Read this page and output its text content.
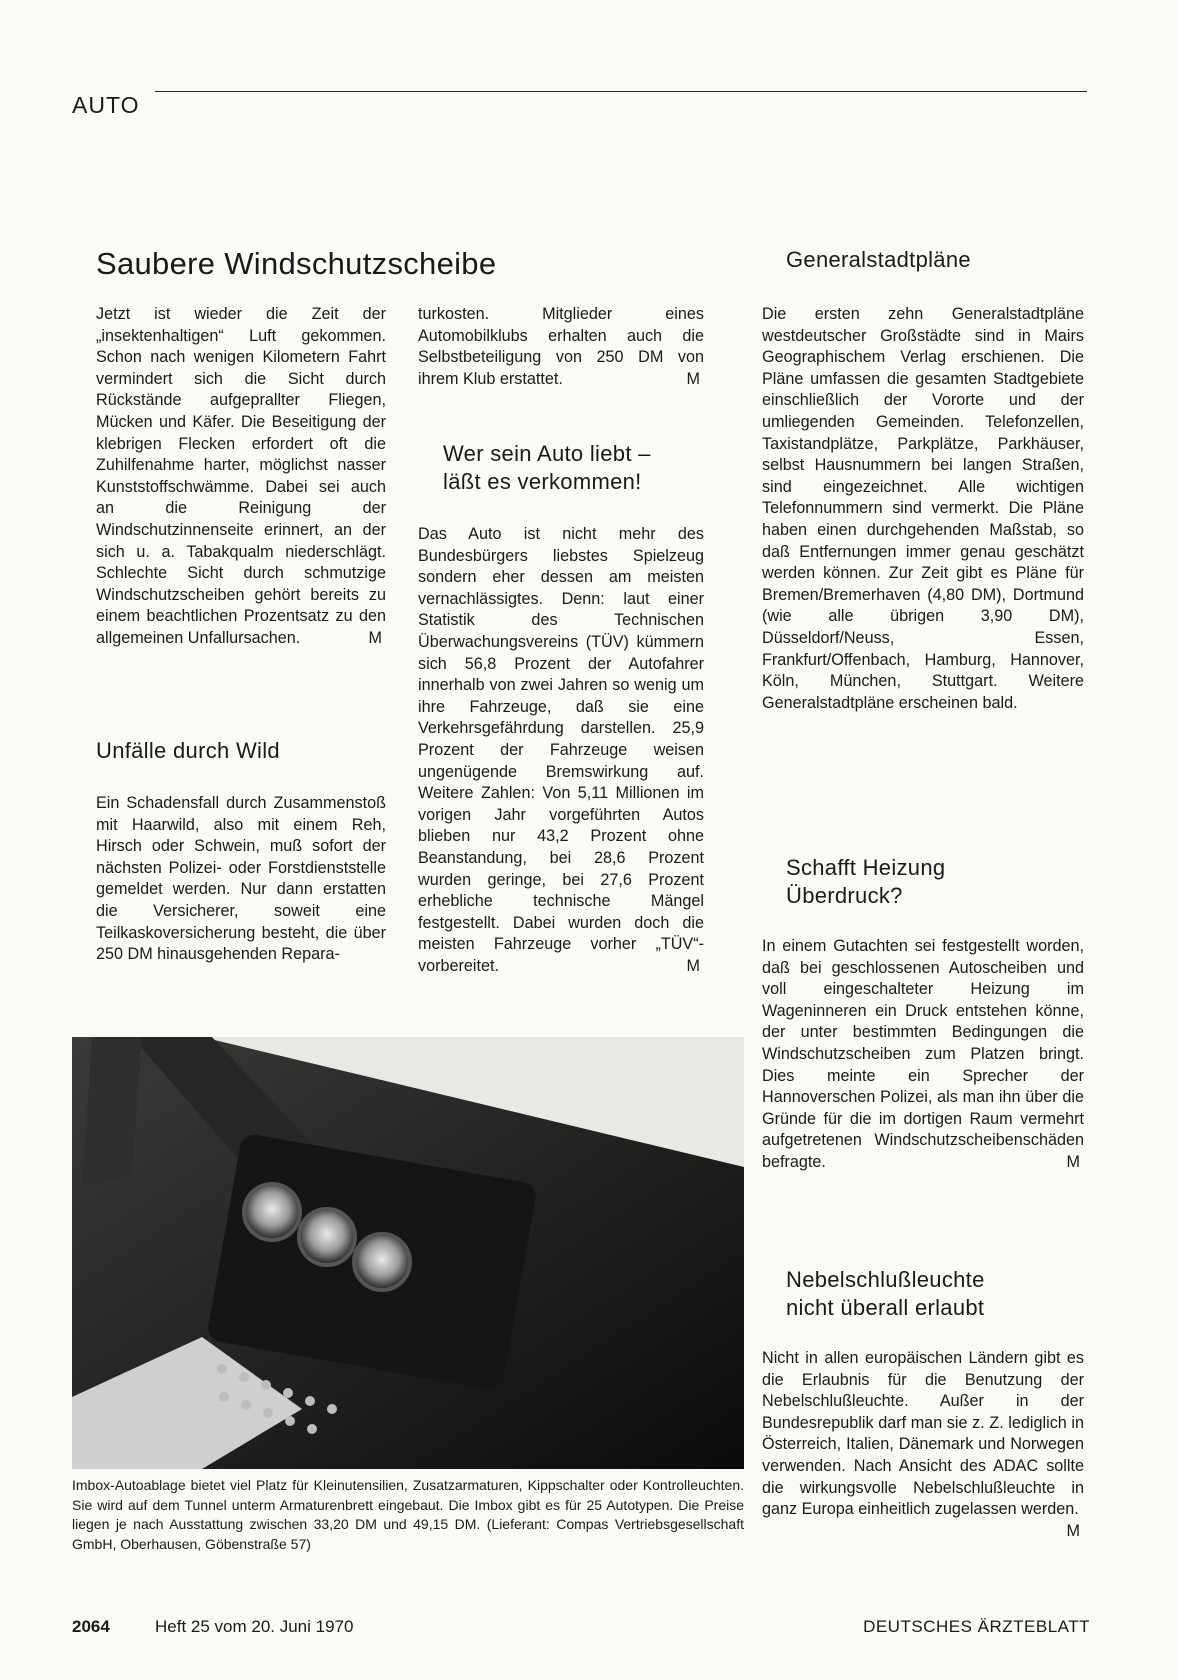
AUTO
Saubere Windschutzscheibe

Jetzt ist wieder die Zeit der „insektenhaltigen“ Luft gekommen. Schon nach wenigen Kilometern Fahrt vermindert sich die Sicht durch Rückstände aufgeprallter Fliegen, Mücken und Käfer. Die Beseitigung der klebrigen Flecken erfordert oft die Zuhilfenahme harter, möglichst nasser Kunststoffschwämme. Dabei sei auch an die Reinigung der Windschutzinnenseite erinnert, an der sich u. a. Tabakqualm niederschlägt. Schlechte Sicht durch schmutzige Windschutzscheiben gehört bereits zu einem beachtlichen Prozentsatz zu den allgemeinen Unfallursachen.	M

Unfälle durch Wild

Ein Schadensfall durch Zusammenstoß mit Haarwild, also mit einem Reh, Hirsch oder Schwein, muß sofort der nächsten Polizei- oder Forstdienststelle gemeldet werden. Nur dann erstatten die Versicherer, soweit eine Teilkaskoversicherung besteht, die über 250 DM hinausgehenden Repara-

turkosten. Mitglieder eines Automobilklubs erhalten auch die Selbstbeteiligung von 250 DM von ihrem Klub erstattet.	M

Wer sein Auto liebt –
läßt es verkommen!

Das Auto ist nicht mehr des Bundesbürgers liebstes Spielzeug sondern eher dessen am meisten vernachlässigtes. Denn: laut einer Statistik des Technischen Überwachungsvereins (TÜV) kümmern sich 56,8 Prozent der Autofahrer innerhalb von zwei Jahren so wenig um ihre Fahrzeuge, daß sie eine Verkehrsgefährdung darstellen. 25,9 Prozent der Fahrzeuge weisen ungenügende Bremswirkung auf. Weitere Zahlen: Von 5,11 Millionen im vorigen Jahr vorgeführten Autos blieben nur 43,2 Prozent ohne Beanstandung, bei 28,6 Prozent wurden geringe, bei 27,6 Prozent erhebliche technische Mängel festgestellt. Dabei wurden doch die meisten Fahrzeuge vorher „TÜV“-vorbereitet.	M

Generalstadtpläne

Die ersten zehn Generalstadtpläne westdeutscher Großstädte sind in Mairs Geographischem Verlag erschienen. Die Pläne umfassen die gesamten Stadtgebiete einschließlich der Vororte und der umliegenden Gemeinden. Telefonzellen, Taxistandplätze, Parkplätze, Parkhäuser, selbst Hausnummern bei langen Straßen, sind eingezeichnet. Alle wichtigen Telefonnummern sind vermerkt. Die Pläne haben einen durchgehenden Maßstab, so daß Entfernungen immer genau geschätzt werden können. Zur Zeit gibt es Pläne für Bremen/Bremerhaven (4,80 DM), Dortmund (wie alle übrigen 3,90 DM), Düsseldorf/Neuss, Essen, Frankfurt/Offenbach, Hamburg, Hannover, Köln, München, Stuttgart. Weitere Generalstadtpläne erscheinen bald.

Schafft Heizung
Überdruck?

In einem Gutachten sei festgestellt worden, daß bei geschlossenen Autoscheiben und voll eingeschalteter Heizung im Wageninneren ein Druck entstehen könne, der unter bestimmten Bedingungen die Windschutzscheiben zum Platzen bringt. Dies meinte ein Sprecher der Hannoverschen Polizei, als man ihn über die Gründe für die im dortigen Raum vermehrt aufgetretenen Windschutzscheibenschäden befragte.	M

Nebelschlußleuchte
nicht überall erlaubt

Nicht in allen europäischen Ländern gibt es die Erlaubnis für die Benutzung der Nebelschlußleuchte. Außer in der Bundesrepublik darf man sie z. Z. lediglich in Österreich, Italien, Dänemark und Norwegen verwenden. Nach Ansicht des ADAC sollte die wirkungsvolle Nebelschlußleuchte in ganz Europa einheitlich zugelassen werden.
M

Imbox-Autoablage bietet viel Platz für Kleinutensilien, Zusatzarmaturen, Kippschalter oder Kontrolleuchten. Sie wird auf dem Tunnel unterm Armaturenbrett eingebaut. Die Imbox gibt es für 25 Autotypen. Die Preise liegen je nach Ausstattung zwischen 33,20 DM und 49,15 DM. (Lieferant: Compas Vertriebsgesellschaft GmbH, Oberhausen, Göbenstraße 57)

2064	Heft 25 vom 20. Juni 1970	DEUTSCHES ÄRZTEBLATT
